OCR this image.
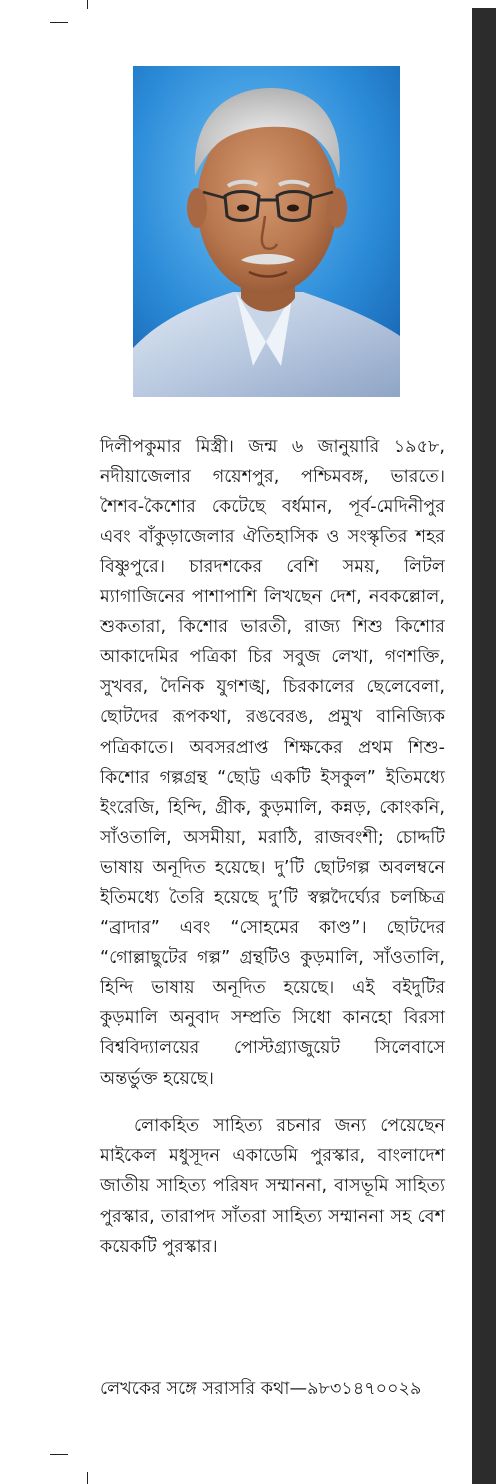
দিলীপকুমার মিস্ত্রী। জন্ম ৬ জানুয়ারি ১৯৫৮, নদীয়াজেলার গয়েশপুর, পশ্চিমবঙ্গ, ভারতে। শৈশব-কৈশোর কেটেছে বর্ধমান, পূর্ব-মেদিনীপুর এবং বাঁকুড়াজেলার ঐতিহাসিক ও সংস্কৃতির শহর বিষ্ণুপুরে। চারদশকের বেশি সময়, লিটল ম্যাগাজিনের পাশাপাশি লিখছেন দেশ, নবকল্লোল, শুকতারা, কিশোর ভারতী, রাজ্য শিশু কিশোর আকাদেমির পত্রিকা চির সবুজ লেখা, গণশক্তি, সুখবর, দৈনিক যুগশঙ্খ, চিরকালের ছেলেবেলা, ছোটদের রূপকথা, রঙবেরঙ, প্রমুখ বানিজ্যিক পত্রিকাতে। অবসরপ্রাপ্ত শিক্ষকের প্রথম শিশু-কিশোর গল্পগ্রন্থ “ছোট্ট একটি ইসকুল” ইতিমধ্যে ইংরেজি, হিন্দি, গ্রীক, কুড়মালি, কন্নড়, কোংকনি, সাঁওতালি, অসমীয়া, মরাঠি, রাজবংশী; চোদ্দটি ভাষায় অনূদিত হয়েছে। দু’টি ছোটগল্প অবলম্বনে ইতিমধ্যে তৈরি হয়েছে দু’টি স্বল্পদৈর্ঘ্যের চলচ্চিত্র “ব্রাদার” এবং “সোহমের কাণ্ড”। ছোটদের “গোল্লাছুটের গল্প” গ্রন্থটিও কুড়মালি, সাঁওতালি, হিন্দি ভাষায় অনূদিত হয়েছে। এই বইদুটির কুড়মালি অনুবাদ সম্প্রতি সিধো কানহো বিরসা বিশ্ববিদ্যালয়ের পোস্টগ্র্যাজুয়েট সিলেবাসে অন্তর্ভুক্ত হয়েছে।

লোকহিত সাহিত্য রচনার জন্য পেয়েছেন মাইকেল মধুসূদন একাডেমি পুরস্কার, বাংলাদেশ জাতীয় সাহিত্য পরিষদ সম্মাননা, বাসভূমি সাহিত্য পুরস্কার, তারাপদ সাঁতরা সাহিত্য সম্মাননা সহ বেশ কয়েকটি পুরস্কার।

লেখকের সঙ্গে সরাসরি কথা—৯৮৩১৪৭০০২৯
